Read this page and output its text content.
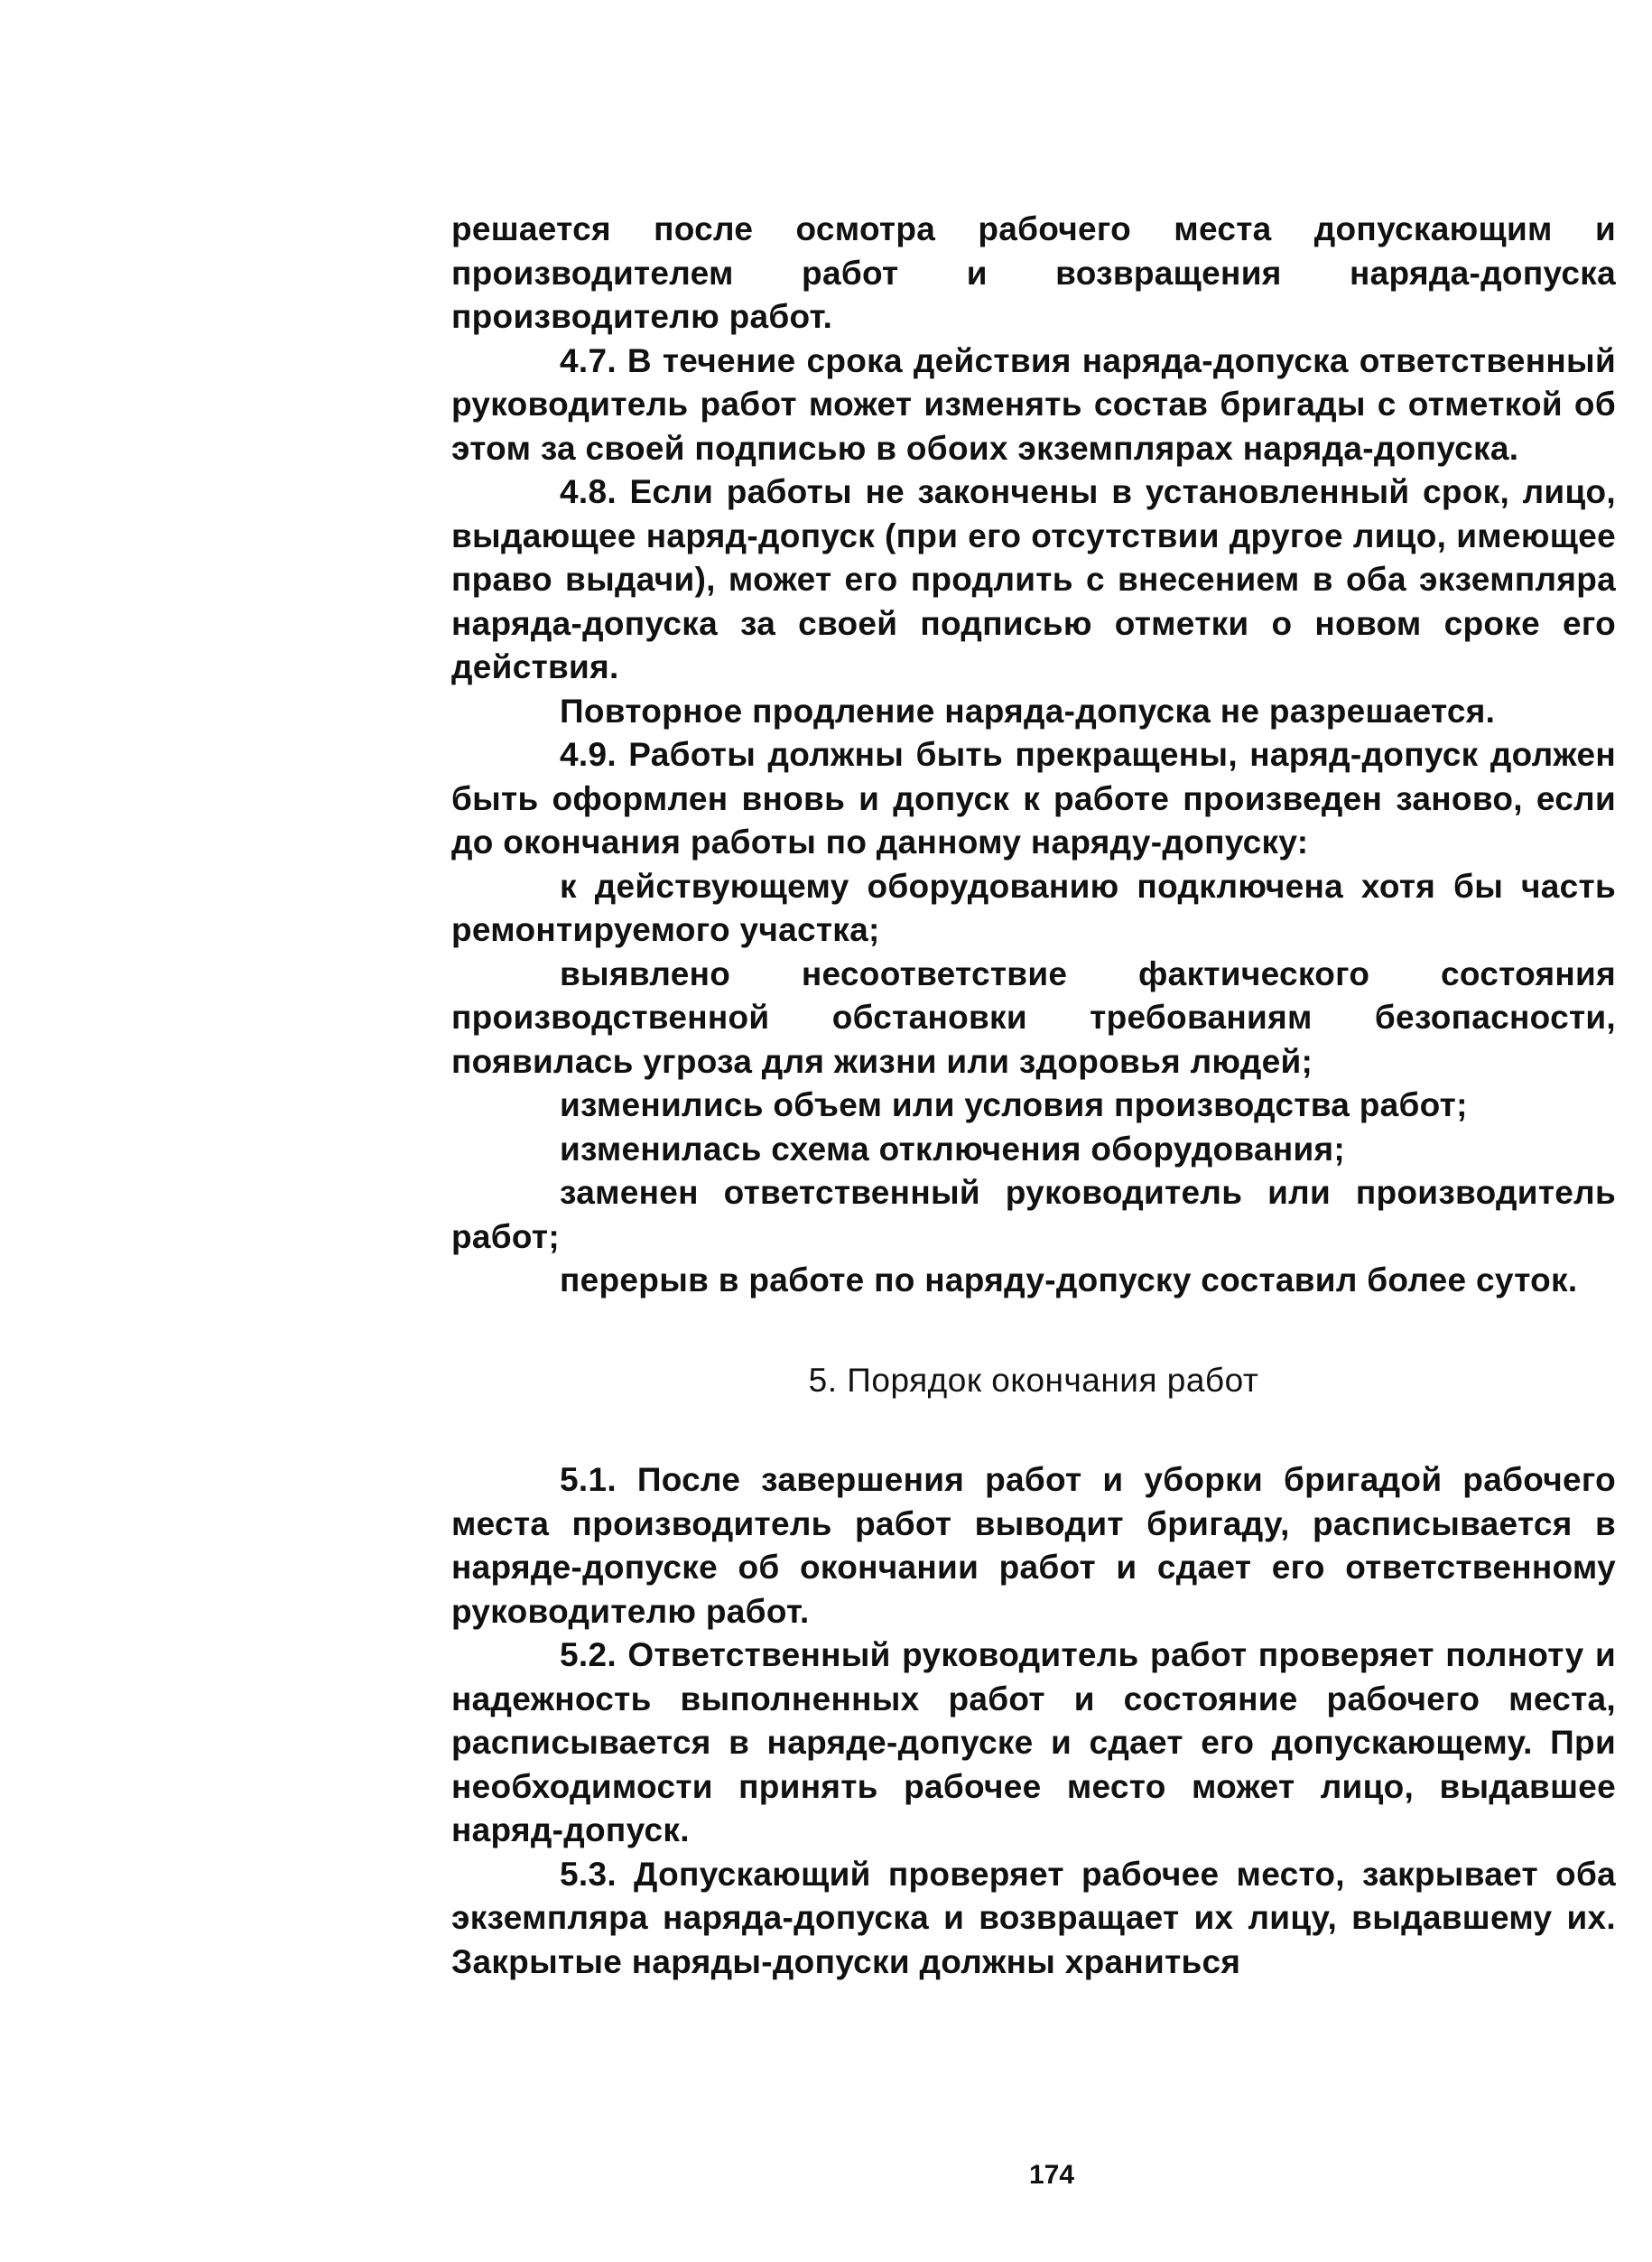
решается после осмотра рабочего места допускающим и производителем работ и возвращения наряда-допуска производителю работ.

4.7. В течение срока действия наряда-допуска ответственный руководитель работ может изменять состав бригады с отметкой об этом за своей подписью в обоих экземплярах наряда-допуска.

4.8. Если работы не закончены в установленный срок, лицо, выдающее наряд-допуск (при его отсутствии другое лицо, имеющее право выдачи), может его продлить с внесением в оба экземпляра наряда-допуска за своей подписью отметки о новом сроке его действия.

Повторное продление наряда-допуска не разрешается.

4.9. Работы должны быть прекращены, наряд-допуск должен быть оформлен вновь и допуск к работе произведен заново, если до окончания работы по данному наряду-допуску:

к действующему оборудованию подключена хотя бы часть ремонтируемого участка;

выявлено несоответствие фактического состояния производственной обстановки требованиям безопасности, появилась угроза для жизни или здоровья людей;

изменились объем или условия производства работ;

изменилась схема отключения оборудования;

заменен ответственный руководитель или производитель работ;

перерыв в работе по наряду-допуску составил более суток.

5. Порядок окончания работ

5.1. После завершения работ и уборки бригадой рабочего места производитель работ выводит бригаду, расписывается в наряде-допуске об окончании работ и сдает его ответственному руководителю работ.

5.2. Ответственный руководитель работ проверяет полноту и надежность выполненных работ и состояние рабочего места, расписывается в наряде-допуске и сдает его допускающему. При необходимости принять рабочее место может лицо, выдавшее наряд-допуск.

5.3. Допускающий проверяет рабочее место, закрывает оба экземпляра наряда-допуска и возвращает их лицу, выдавшему их. Закрытые наряды-допуски должны храниться

174
